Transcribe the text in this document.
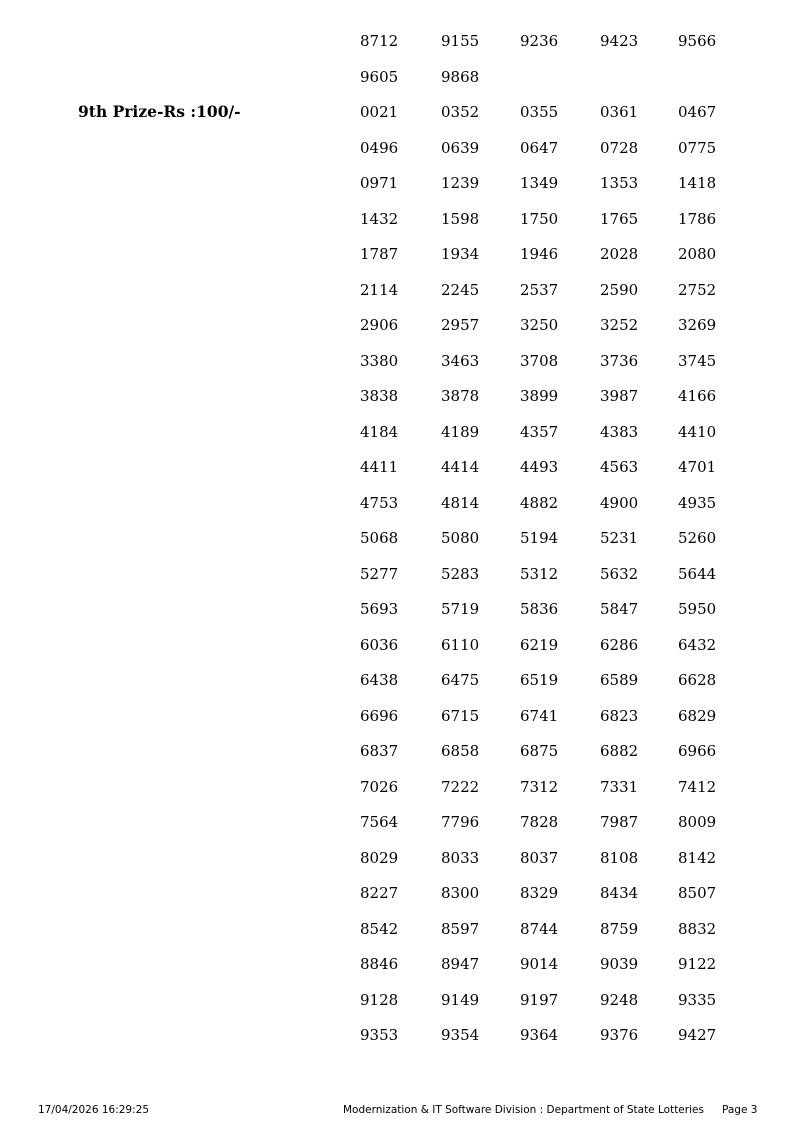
8712	9155	9236	9423	9566
9605	9868
9th Prize-Rs :100/-	0021	0352	0355	0361	0467
0496	0639	0647	0728	0775
0971	1239	1349	1353	1418
1432	1598	1750	1765	1786
1787	1934	1946	2028	2080
2114	2245	2537	2590	2752
2906	2957	3250	3252	3269
3380	3463	3708	3736	3745
3838	3878	3899	3987	4166
4184	4189	4357	4383	4410
4411	4414	4493	4563	4701
4753	4814	4882	4900	4935
5068	5080	5194	5231	5260
5277	5283	5312	5632	5644
5693	5719	5836	5847	5950
6036	6110	6219	6286	6432
6438	6475	6519	6589	6628
6696	6715	6741	6823	6829
6837	6858	6875	6882	6966
7026	7222	7312	7331	7412
7564	7796	7828	7987	8009
8029	8033	8037	8108	8142
8227	8300	8329	8434	8507
8542	8597	8744	8759	8832
8846	8947	9014	9039	9122
9128	9149	9197	9248	9335
9353	9354	9364	9376	9427
17/04/2026 16:29:25	Modernization & IT Software Division : Department of State Lotteries Page 3
